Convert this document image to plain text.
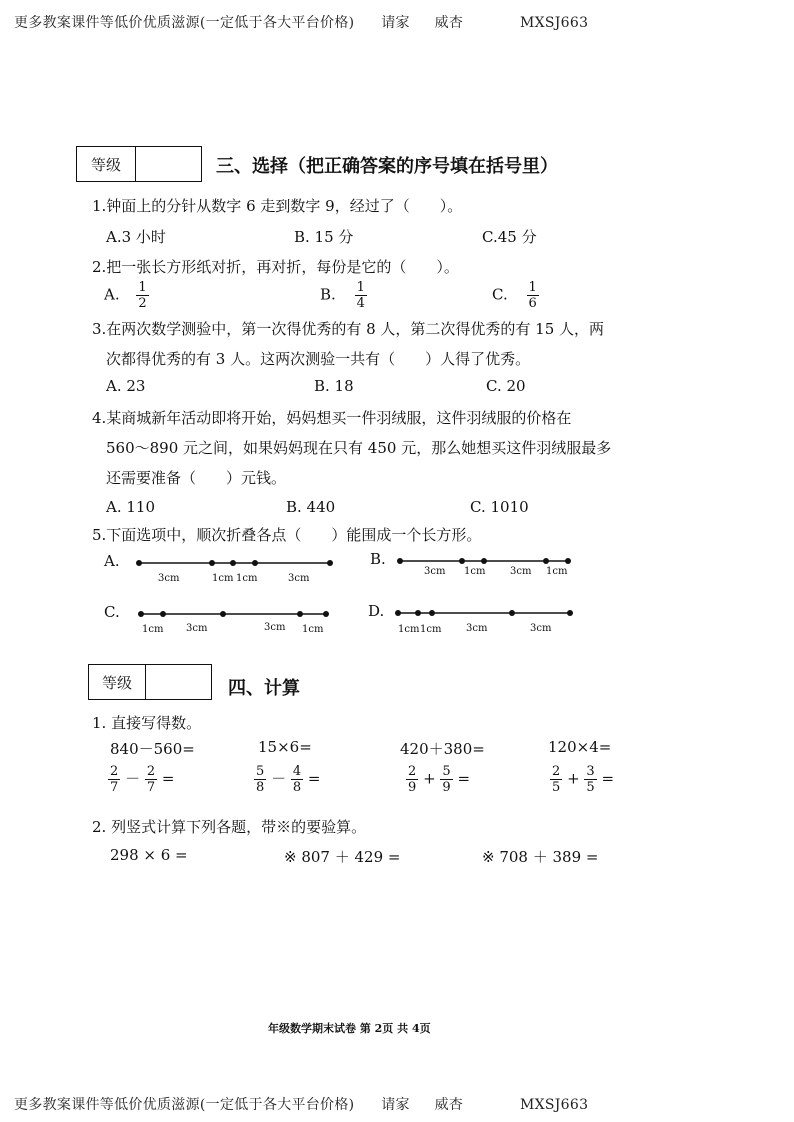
更多教案课件等低价优质滋源(一定低于各大平台价格) 请家 威杏	MXSJ663
等级	三、选择（把正确答案的序号填在括号里）
1.钟面上的分针从数字 6 走到数字 9，经过了（　　）。
A.3 小时	B. 15 分	C.45 分
2.把一张长方形纸对折，再对折，每份是它的（　　）。
A. $\frac{1}{2}$	B. $\frac{1}{4}$	C. $\frac{1}{6}$
3.在两次数学测验中，第一次得优秀的有 8 人，第二次得优秀的有 15 人，两
次都得优秀的有 3 人。这两次测验一共有（　　）人得了优秀。
A. 23	B. 18	C. 20
4.某商城新年活动即将开始，妈妈想买一件羽绒服，这件羽绒服的价格在
560～890 元之间，如果妈妈现在只有 450 元，那么她想买这件羽绒服最多
还需要准备（　　）元钱。
A. 110	B. 440	C. 1010
5.下面选项中，顺次折叠各点（　　）能围成一个长方形。
A.	B.
C.	D.
3cm	1cm 1cm	3cm
3cm 1cm 3cm 1cm
1cm 3cm	3cm 1cm	1cm 1cm 3cm	3cm
等级	四、计算
1. 直接写得数。
840－560=	15×6=	420＋380=	120×4=
$\frac{2}{7} - \frac{2}{7}$ =	$\frac{5}{8} - \frac{4}{8}$ =	$\frac{2}{9} + \frac{5}{9}$ =	$\frac{2}{5} + \frac{3}{5}$ =
2. 列竖式计算下列各题，带※的要验算。
298 × 6 =	※ 807 ＋ 429 =	※ 708 ＋ 389 =
年级数学期末试卷 第 2页 共 4页
更多教案课件等低价优质滋源(一定低于各大平台价格) 请家 威杏	MXSJ663
